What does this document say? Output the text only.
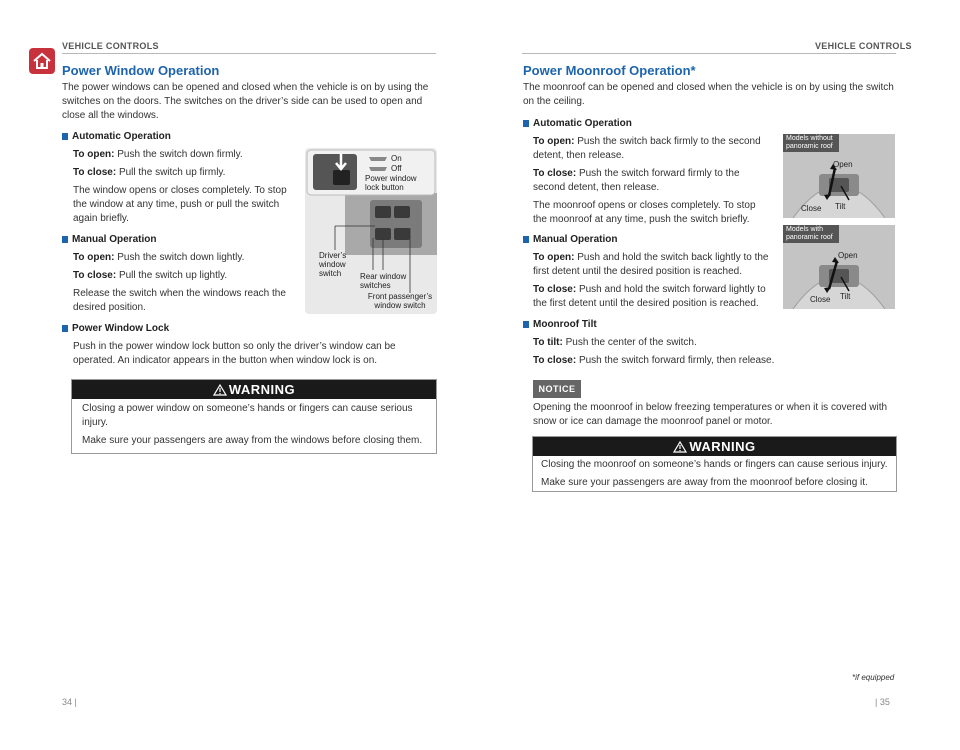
VEHICLE CONTROLS
Power Window Operation
The power windows can be opened and closed when the vehicle is on by using the switches on the doors. The switches on the driver’s side can be used to open and close all the windows.
Automatic Operation

To open: Push the switch down firmly.

To close: Pull the switch up firmly.

The window opens or closes completely. To stop the window at any time, push or pull the switch again briefly.

Manual Operation

To open: Push the switch down lightly.

To close: Pull the switch up lightly.

Release the switch when the windows reach the desired position.

Power Window Lock

Push in the power window lock button so only the driver’s window can be operated. An indicator appears in the button when window lock is on.

On
Off
Power window lock button
Driver’s window switch	Rear window switches
Front passenger’s window switch
WARNING

Closing a power window on someone’s hands or fingers can cause serious injury.

Make sure your passengers are away from the windows before closing them.

34 |
VEHICLE CONTROLS
Power Moonroof Operation*
The moonroof can be opened and closed when the vehicle is on by using the switch on the ceiling.
Automatic Operation

To open: Push the switch back firmly to the second detent, then release.

To close: Push the switch forward firmly to the second detent, then release.

The moonroof opens or closes completely. To stop the moonroof at any time, push the switch briefly.

Manual Operation

To open: Push and hold the switch back lightly to the first detent until the desired position is reached.

To close: Push and hold the switch forward lightly to the first detent until the desired position is reached.

Moonroof Tilt

To tilt: Push the center of the switch.

To close: Push the switch forward firmly, then release.

Models without panoramic roof
Open
Close Tilt
Models with panoramic roof
Open
Close Tilt
NOTICE

Opening the moonroof in below freezing temperatures or when it is covered with snow or ice can damage the moonroof panel or motor.

WARNING

Closing the moonroof on someone’s hands or fingers can cause serious injury.

Make sure your passengers are away from the moonroof before closing it.

*if equipped
| 35
